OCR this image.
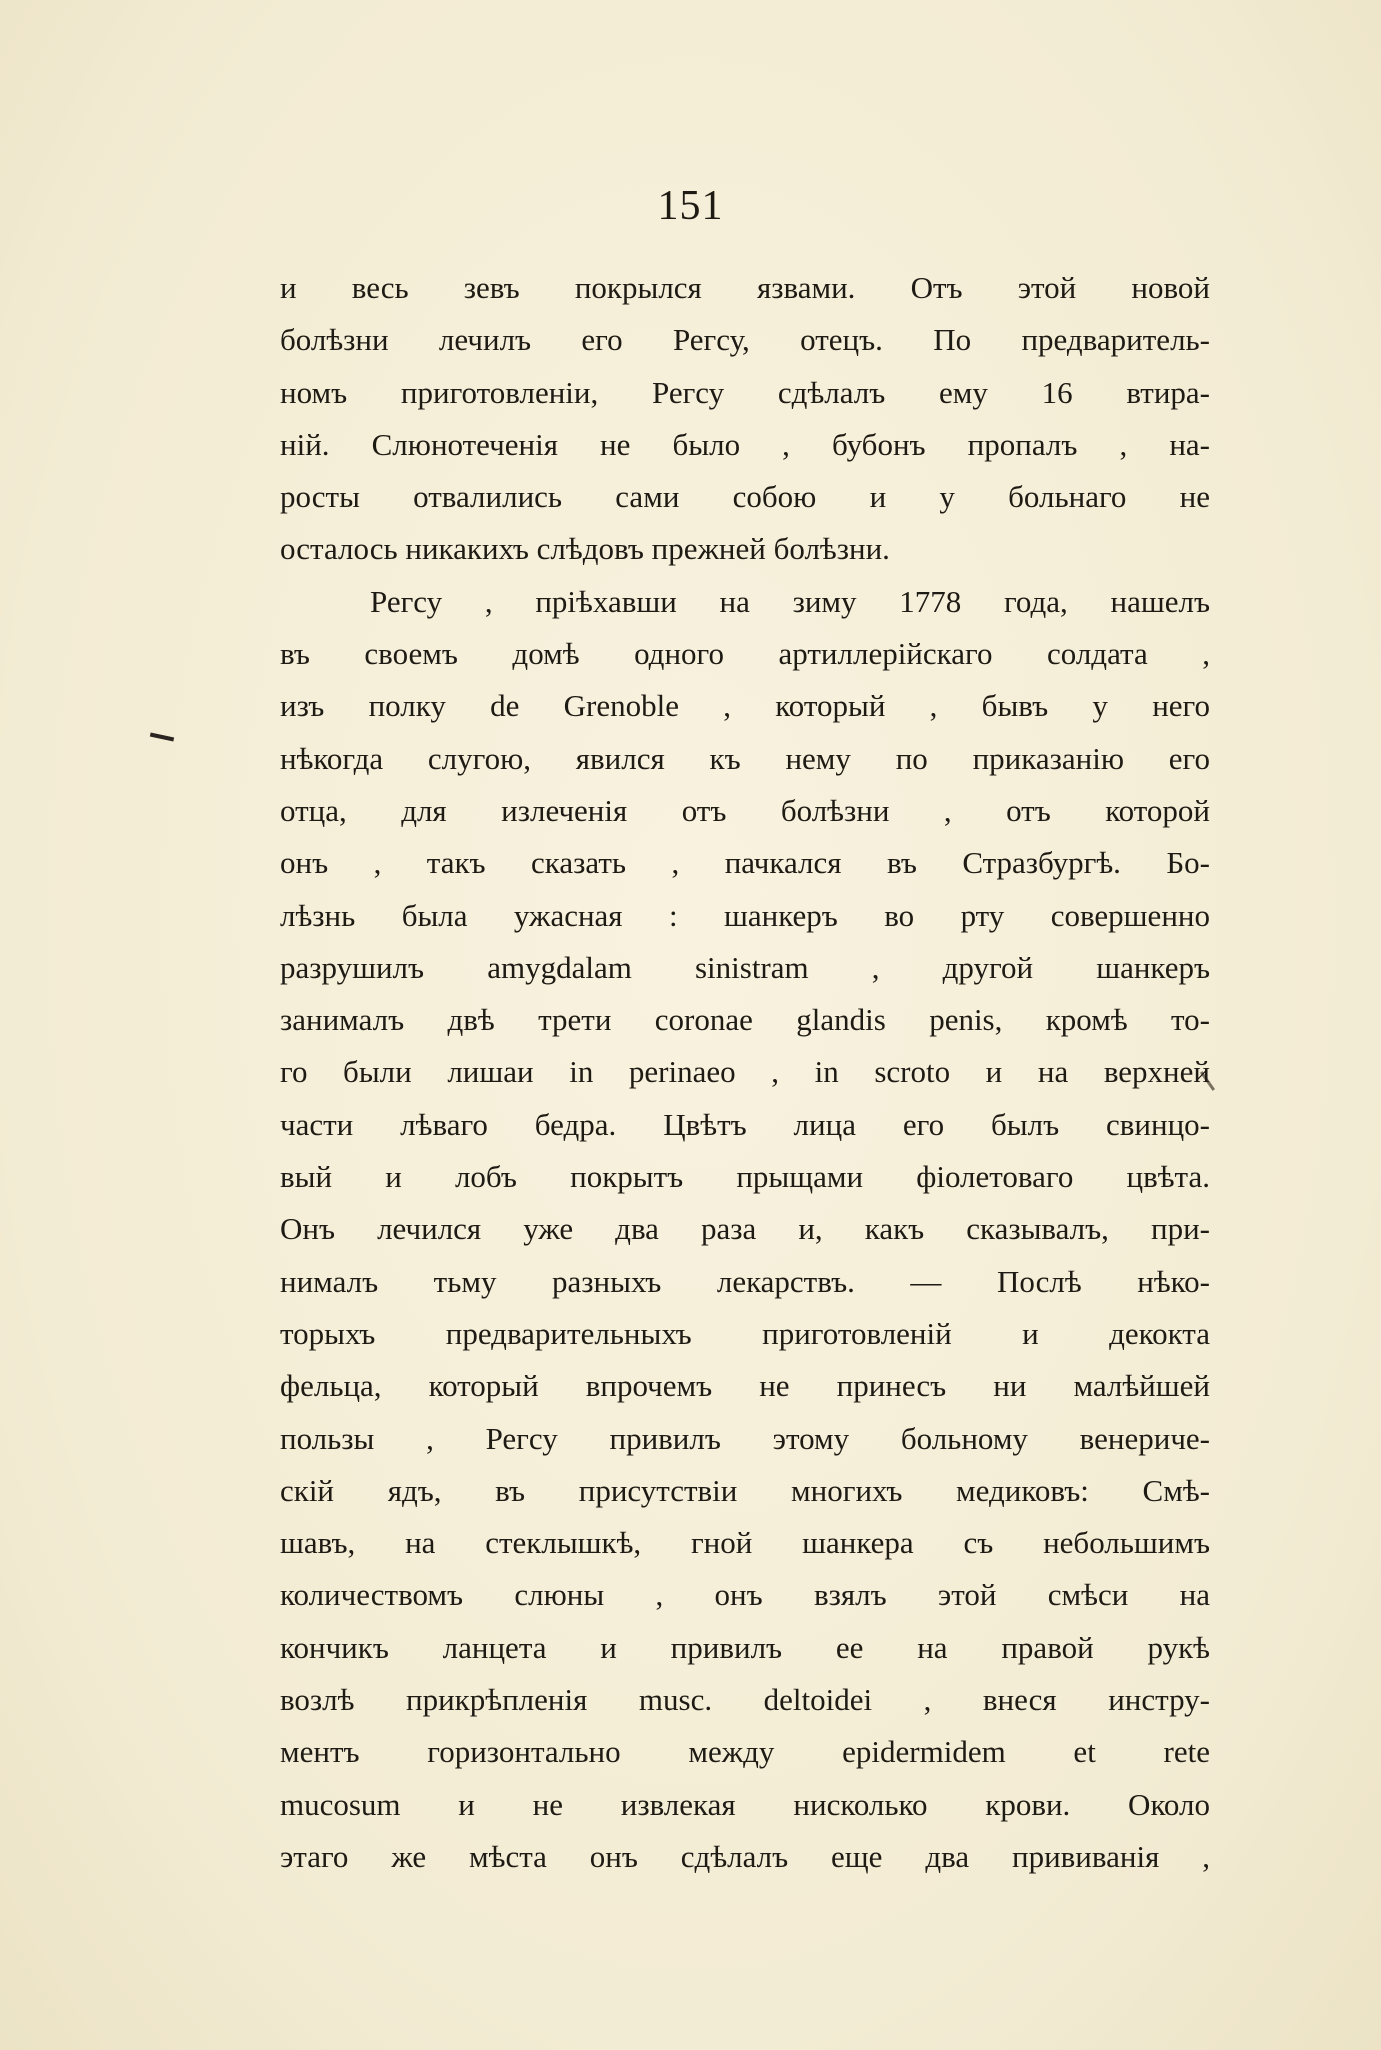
151
и весь зевъ покрылся язвами. Отъ этой новой
болѣзни лечилъ его Регсу, отецъ. По предваритель-
номъ приготовленіи, Регсу сдѣлалъ ему 16 втира-
ній. Слюнотеченія не было , бубонъ пропалъ , на-
росты отвалились сами собою и у больнаго не
осталось никакихъ слѣдовъ прежней болѣзни.
Регсу , пріѣхавши на зиму 1778 года, нашелъ
въ своемъ домѣ одного артиллерійскаго солдата ,
изъ полку de Grenoble , который , бывъ у него
нѣкогда слугою, явился къ нему по приказанію его
отца, для излеченія отъ болѣзни , отъ которой
онъ , такъ сказать , пачкался въ Стразбургѣ. Бо-
лѣзнь была ужасная : шанкеръ во рту совершенно
разрушилъ amygdalam sinistram , другой шанкеръ
занималъ двѣ трети coronae glandis penis, кромѣ то-
го были лишаи in perinaeo , in scroto и на верхней
части лѣваго бедра. Цвѣтъ лица его былъ свинцо-
вый и лобъ покрытъ прыщами фіолетоваго цвѣта.
Онъ лечился уже два раза и, какъ сказывалъ, при-
нималъ тьму разныхъ лекарствъ. — Послѣ нѣко-
торыхъ предварительныхъ приготовленій и декокта
фельца, который впрочемъ не принесъ ни малѣйшей
пользы , Регсу привилъ этому больному венериче-
скій ядъ, въ присутствіи многихъ медиковъ: Смѣ-
шавъ, на стеклышкѣ, гной шанкера съ небольшимъ
количествомъ слюны , онъ взялъ этой смѣси на
кончикъ ланцета и привилъ ее на правой рукѣ
возлѣ прикрѣпленія musc. deltoidei , внеся инстру-
ментъ горизонтально между epidermidem et rete
mucosum и не извлекая нисколько крови. Около
этаго же мѣста онъ сдѣлалъ еще два прививанія ,
